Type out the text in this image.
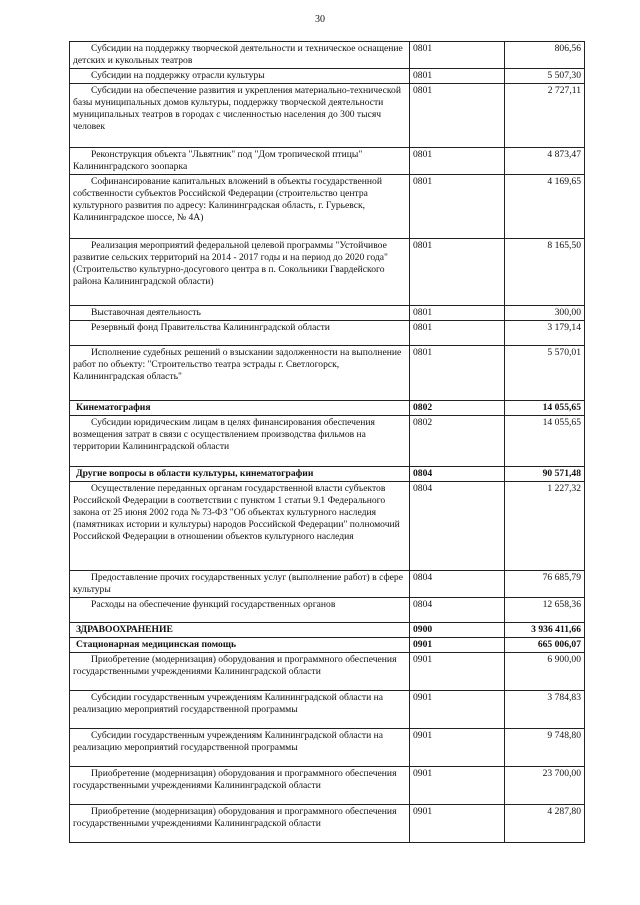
30
Субсидии на поддержку творческой деятельности и техническое оснащение детских и кукольных театров	0801	806,56
Субсидии на поддержку отрасли культуры	0801	5 507,30
Субсидии на обеспечение развития и укрепления материально-технической базы муниципальных домов культуры, поддержку творческой деятельности муниципальных театров в городах с численностью населения до 300 тысяч человек	0801	2 727,11
Реконструкция объекта "Львятник" под "Дом тропической птицы" Калининградского зоопарка	0801	4 873,47
Софинансирование капитальных вложений в объекты государственной собственности субъектов Российской Федерации (строительство центра культурного развития по адресу: Калининградская область, г. Гурьевск, Калининградское шоссе, № 4А)	0801	4 169,65
Реализация мероприятий федеральной целевой программы "Устойчивое развитие сельских территорий на 2014 - 2017 годы и на период до 2020 года" (Строительство культурно-досугового центра в п. Сокольники Гвардейского района Калининградской области)	0801	8 165,50
Выставочная деятельность	0801	300,00
Резервный фонд Правительства Калининградской области	0801	3 179,14
Исполнение судебных решений о взыскании задолженности на выполнение работ по объекту: "Строительство театра эстрады г. Светлогорск, Калининградская область"	0801	5 570,01
Кинематография	0802	14 055,65
Субсидии юридическим лицам в целях финансирования обеспечения возмещения затрат в связи с осуществлением производства фильмов на территории Калининградской области	0802	14 055,65
Другие вопросы в области культуры, кинематографии	0804	90 571,48
Осуществление переданных органам государственной власти субъектов Российской Федерации в соответствии с пунктом 1 статьи 9.1 Федерального закона от 25 июня 2002 года № 73-ФЗ "Об объектах культурного наследия (памятниках истории и культуры) народов Российской Федерации" полномочий Российской Федерации в отношении объектов культурного наследия	0804	1 227,32
Предоставление прочих государственных услуг (выполнение работ) в сфере культуры	0804	76 685,79
Расходы на обеспечение функций государственных органов	0804	12 658,36
ЗДРАВООХРАНЕНИЕ	0900	3 936 411,66
Стационарная медицинская помощь	0901	665 006,07
Приобретение (модернизация) оборудования и программного обеспечения государственными учреждениями Калининградской области	0901	6 900,00
Субсидии государственным учреждениям Калининградской области на реализацию мероприятий государственной программы	0901	3 784,83
Субсидии государственным учреждениям Калининградской области на реализацию мероприятий государственной программы	0901	9 748,80
Приобретение (модернизация) оборудования и программного обеспечения государственными учреждениями Калининградской области	0901	23 700,00
Приобретение (модернизация) оборудования и программного обеспечения государственными учреждениями Калининградской области	0901	4 287,80
